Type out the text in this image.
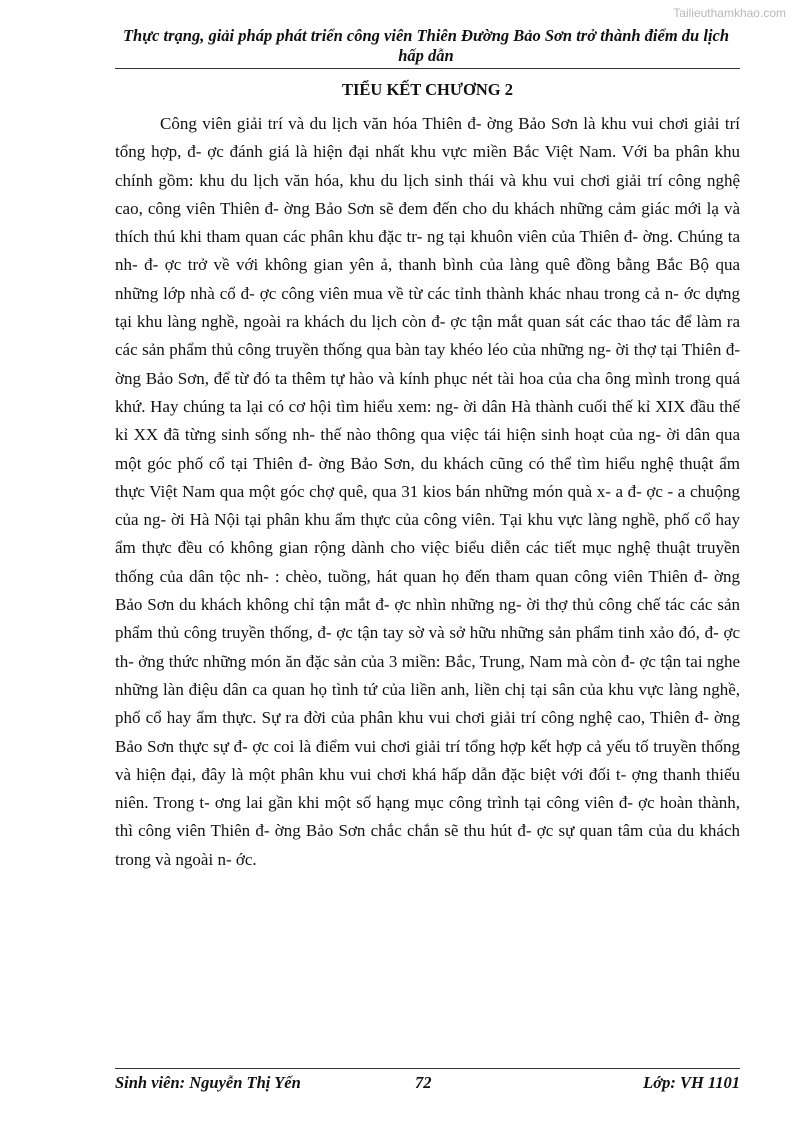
Tailieuthamkhao.com
Thực trạng, giải pháp phát triển công viên Thiên Đường Bảo Sơn trở thành điểm du lịch hấp dẫn
TIỂU KẾT CHƯƠNG 2

Công viên giải trí và du lịch văn hóa Thiên đ- ờng Bảo Sơn là khu vui chơi giải trí tổng hợp, đ- ợc đánh giá là hiện đại nhất khu vực miền Bắc Việt Nam. Với ba phân khu chính gồm: khu du lịch văn hóa, khu du lịch sinh thái và khu vui chơi giải trí công nghệ cao, công viên Thiên đ- ờng Bảo Sơn sẽ đem đến cho du khách những cảm giác mới lạ và thích thú khi tham quan các phân khu đặc tr- ng tại khuôn viên của Thiên đ- ờng. Chúng ta nh- đ- ợc trở về với không gian yên ả, thanh bình của làng quê đồng bằng Bắc Bộ qua những lớp nhà cổ đ- ợc công viên mua về từ các tỉnh thành khác nhau trong cả n- ớc dựng tại khu làng nghề, ngoài ra khách du lịch còn đ- ợc tận mắt quan sát các thao tác để làm ra các sản phẩm thủ công truyền thống qua bàn tay khéo léo của những ng- ời thợ tại Thiên đ- ờng Bảo Sơn, để từ đó ta thêm tự hào và kính phục nét tài hoa của cha ông mình trong quá khứ. Hay chúng ta lại có cơ hội tìm hiểu xem: ng- ời dân Hà thành cuối thế kỉ XIX đầu thế kỉ XX đã từng sinh sống nh- thế nào thông qua việc tái hiện sinh hoạt của ng- ời dân qua một góc phố cổ tại Thiên đ- ờng Bảo Sơn, du khách cũng có thể tìm hiểu nghệ thuật ẩm thực Việt Nam qua một góc chợ quê, qua 31 kios bán những món quà x- a đ- ợc - a chuộng của ng- ời Hà Nội tại phân khu ẩm thực của công viên. Tại khu vực làng nghề, phố cổ hay ẩm thực đều có không gian rộng dành cho việc biểu diễn các tiết mục nghệ thuật truyền thống của dân tộc nh- : chèo, tuồng, hát quan họ đến tham quan công viên Thiên đ- ờng Bảo Sơn du khách không chỉ tận mắt đ- ợc nhìn những ng- ời thợ thủ công chế tác các sản phẩm thủ công truyền thống, đ- ợc tận tay sờ và sở hữu những sản phẩm tinh xảo đó, đ- ợc th- ởng thức những món ăn đặc sản của 3 miền: Bắc, Trung, Nam mà còn đ- ợc tận tai nghe những làn điệu dân ca quan họ tình tứ của liền anh, liền chị tại sân của khu vực làng nghề, phố cổ hay ẩm thực. Sự ra đời của phân khu vui chơi giải trí công nghệ cao, Thiên đ- ờng Bảo Sơn thực sự đ- ợc coi là điểm vui chơi giải trí tổng hợp kết hợp cả yếu tố truyền thống và hiện đại, đây là một phân khu vui chơi khá hấp dẫn đặc biệt với đối t- ợng thanh thiếu niên. Trong t- ơng lai gần khi một số hạng mục công trình tại công viên đ- ợc hoàn thành, thì công viên Thiên đ- ờng Bảo Sơn chắc chắn sẽ thu hút đ- ợc sự quan tâm của du khách trong và ngoài n- ớc.

Sinh viên: Nguyễn Thị Yến	72	Lớp: VH 1101
